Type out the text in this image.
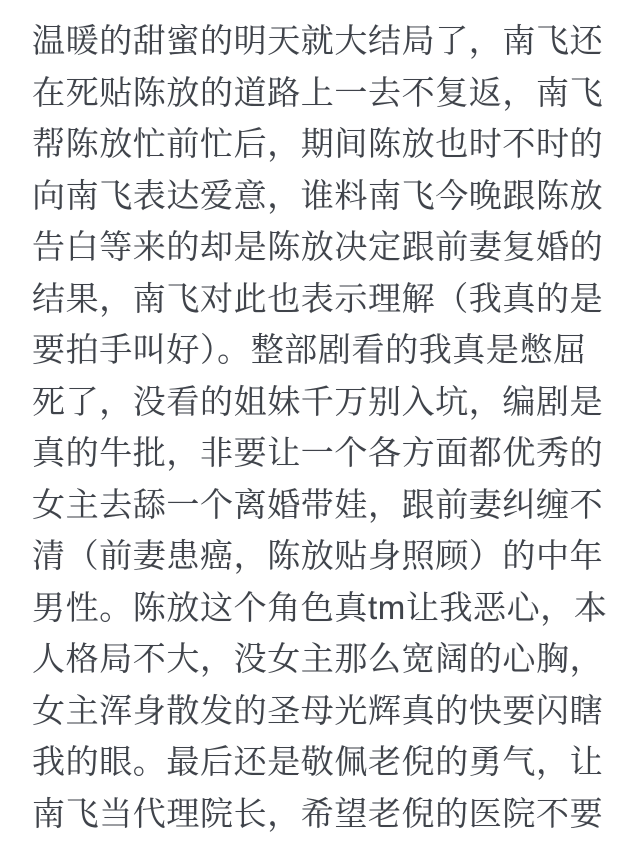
温暖的甜蜜的明天就大结局了，南飞还
在死贴陈放的道路上一去不复返，南飞
帮陈放忙前忙后，期间陈放也时不时的
向南飞表达爱意，谁料南飞今晚跟陈放
告白等来的却是陈放决定跟前妻复婚的
结果，南飞对此也表示理解（我真的是
要拍手叫好）。整部剧看的我真是憋屈
死了，没看的姐妹千万别入坑，编剧是
真的牛批，非要让一个各方面都优秀的
女主去舔一个离婚带娃，跟前妻纠缠不
清（前妻患癌，陈放贴身照顾）的中年
男性。陈放这个角色真tm让我恶心，本
人格局不大，没女主那么宽阔的心胸，
女主浑身散发的圣母光辉真的快要闪瞎
我的眼。最后还是敬佩老倪的勇气，让
南飞当代理院长，希望老倪的医院不要
